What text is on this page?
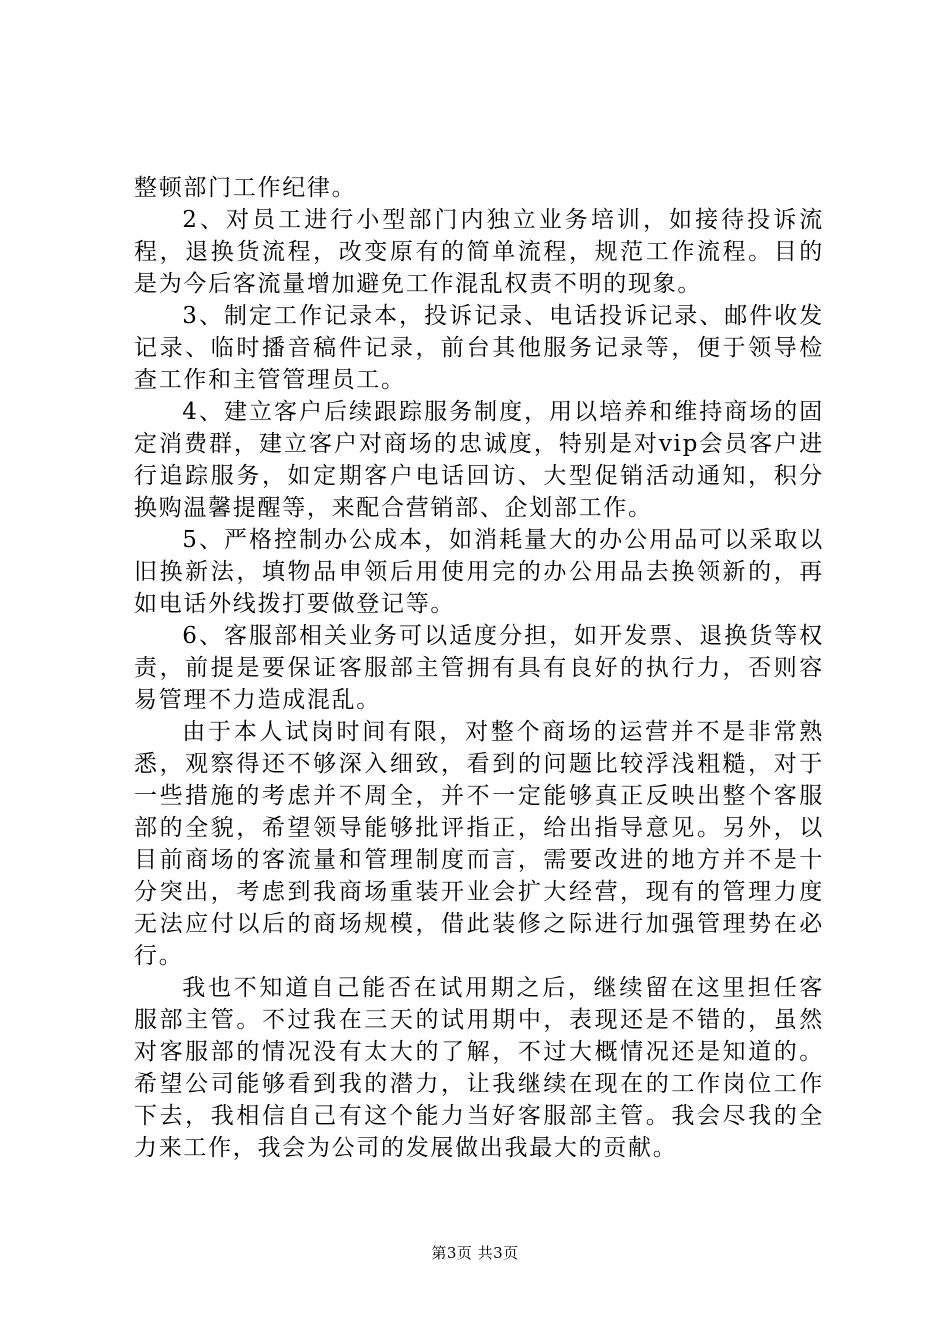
整顿部门工作纪律。

2、对员工进行小型部门内独立业务培训，如接待投诉流程，退换货流程，改变原有的简单流程，规范工作流程。目的是为今后客流量增加避免工作混乱权责不明的现象。

3、制定工作记录本，投诉记录、电话投诉记录、邮件收发记录、临时播音稿件记录，前台其他服务记录等，便于领导检查工作和主管管理员工。

4、建立客户后续跟踪服务制度，用以培养和维持商场的固定消费群，建立客户对商场的忠诚度，特别是对vip会员客户进行追踪服务，如定期客户电话回访、大型促销活动通知，积分换购温馨提醒等，来配合营销部、企划部工作。

5、严格控制办公成本，如消耗量大的办公用品可以采取以旧换新法，填物品申领后用使用完的办公用品去换领新的，再如电话外线拨打要做登记等。

6、客服部相关业务可以适度分担，如开发票、退换货等权责，前提是要保证客服部主管拥有具有良好的执行力，否则容易管理不力造成混乱。

由于本人试岗时间有限，对整个商场的运营并不是非常熟悉，观察得还不够深入细致，看到的问题比较浮浅粗糙，对于一些措施的考虑并不周全，并不一定能够真正反映出整个客服部的全貌，希望领导能够批评指正，给出指导意见。另外，以目前商场的客流量和管理制度而言，需要改进的地方并不是十分突出，考虑到我商场重装开业会扩大经营，现有的管理力度无法应付以后的商场规模，借此装修之际进行加强管理势在必行。

我也不知道自己能否在试用期之后，继续留在这里担任客服部主管。不过我在三天的试用期中，表现还是不错的，虽然对客服部的情况没有太大的了解，不过大概情况还是知道的。希望公司能够看到我的潜力，让我继续在现在的工作岗位工作下去，我相信自己有这个能力当好客服部主管。我会尽我的全力来工作，我会为公司的发展做出我最大的贡献。

第3页 共3页
